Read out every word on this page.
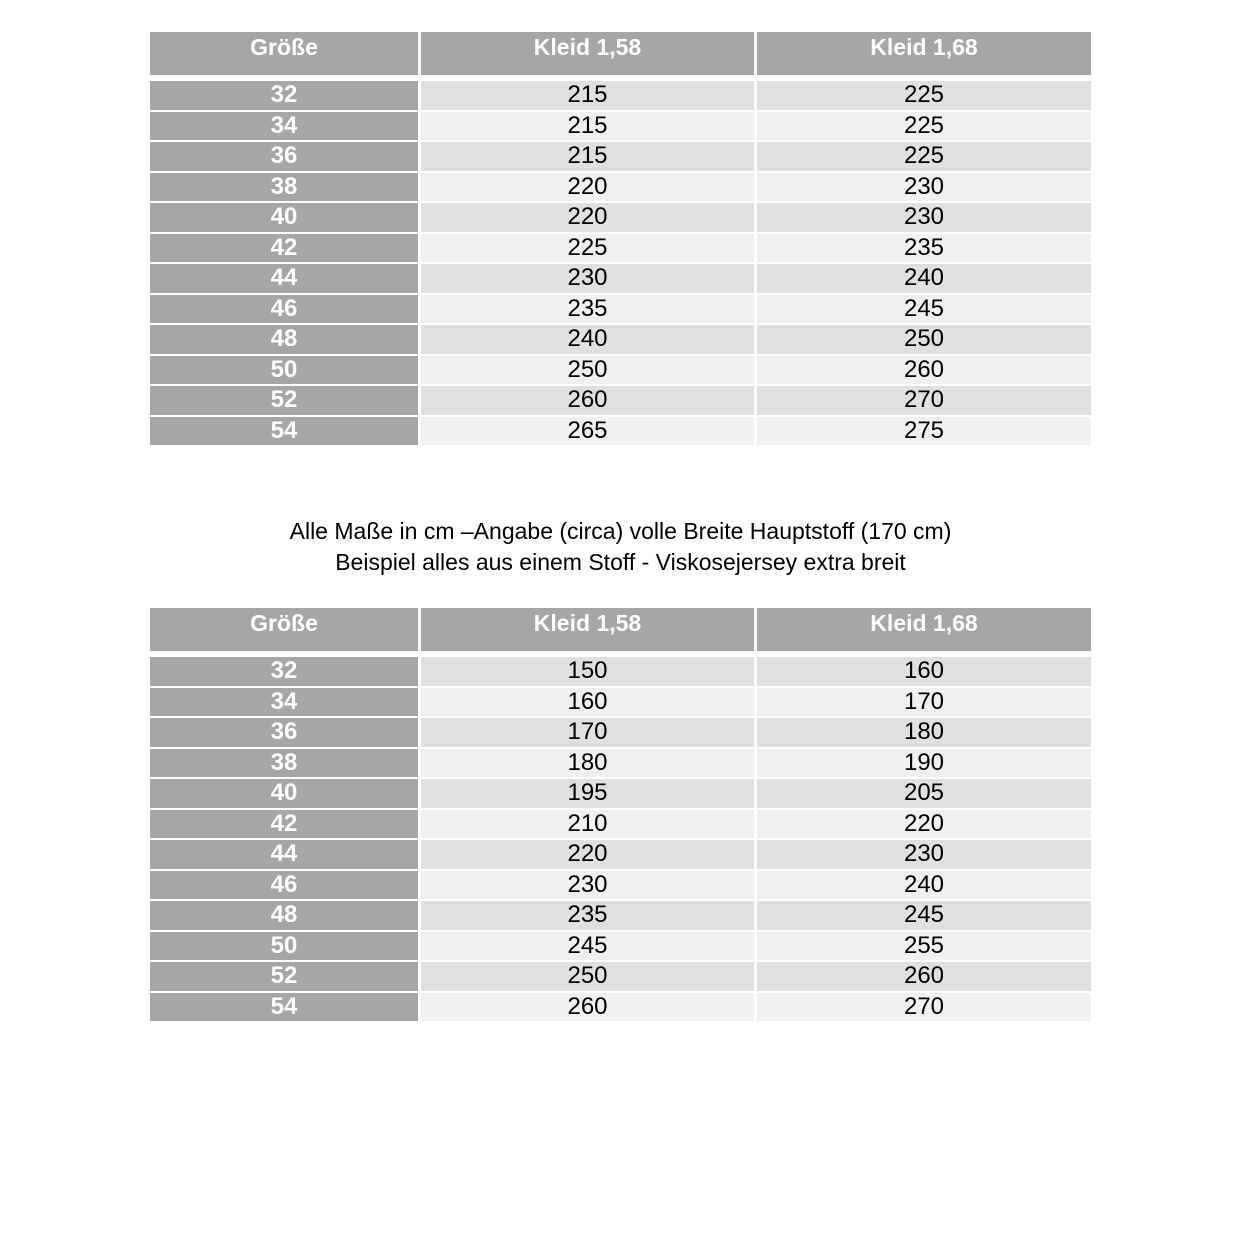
Größe	Kleid 1,58	Kleid 1,68
32	215	225
34	215	225
36	215	225
38	220	230
40	220	230
42	225	235
44	230	240
46	235	245
48	240	250
50	250	260
52	260	270
54	265	275
Alle Maße in cm –Angabe (circa) volle Breite Hauptstoff (170 cm)
Beispiel alles aus einem Stoff - Viskosejersey extra breit
Größe	Kleid 1,58	Kleid 1,68
32	150	160
34	160	170
36	170	180
38	180	190
40	195	205
42	210	220
44	220	230
46	230	240
48	235	245
50	245	255
52	250	260
54	260	270
